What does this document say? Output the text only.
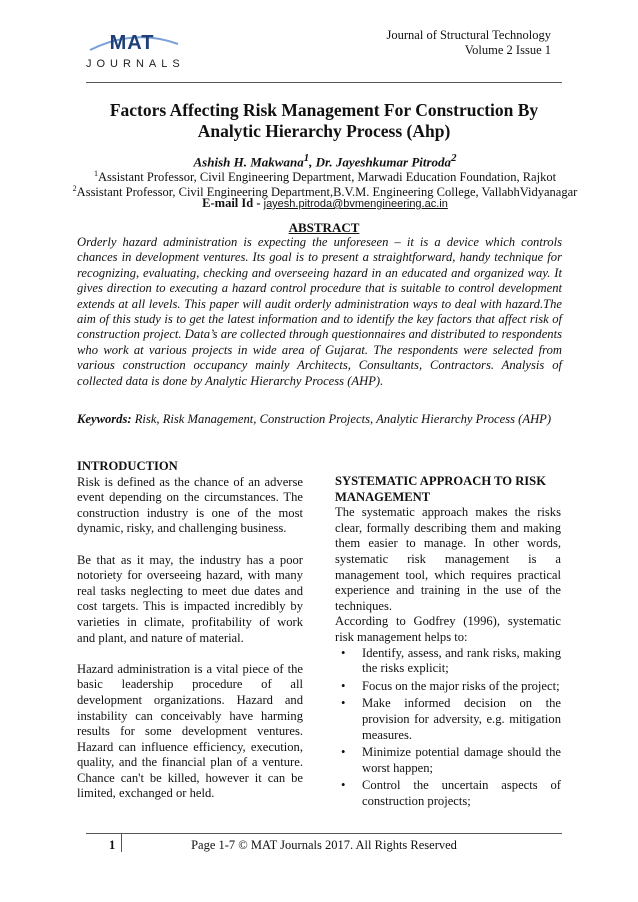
MAT
JOURNALS
Journal of Structural Technology
Volume 2 Issue 1
Factors Affecting Risk Management For Construction By
Analytic Hierarchy Process (Ahp)
Ashish H. Makwana$^1$, Dr. Jayeshkumar Pitroda$^2$
$^1$Assistant Professor, Civil Engineering Department, Marwadi Education Foundation, Rajkot
$^2$Assistant Professor, Civil Engineering Department,B.V.M. Engineering College, VallabhVidyanagar
E-mail Id - jayesh.pitroda@bvmengineering.ac.in
ABSTRACT
Orderly hazard administration is expecting the unforeseen – it is a device which controls chances in development ventures. Its goal is to present a straightforward, handy technique for recognizing, evaluating, checking and overseeing hazard in an educated and organized way. It gives direction to executing a hazard control procedure that is suitable to control development extends at all levels. This paper will audit orderly administration ways to deal with hazard.The aim of this study is to get the latest information and to identify the key factors that affect risk of construction project. Data’s are collected through questionnaires and distributed to respondents who work at various projects in wide area of Gujarat. The respondents were selected from various construction occupancy mainly Architects, Consultants, Contractors. Analysis of collected data is done by Analytic Hierarchy Process (AHP).
Keywords: Risk, Risk Management, Construction Projects, Analytic Hierarchy Process (AHP)
INTRODUCTION

Risk is defined as the chance of an adverse event depending on the circumstances. The construction industry is one of the most dynamic, risky, and challenging business.

Be that as it may, the industry has a poor notoriety for overseeing hazard, with many real tasks neglecting to meet due dates and cost targets. This is impacted incredibly by varieties in climate, profitability of work and plant, and nature of material.

Hazard administration is a vital piece of the basic leadership procedure of all development organizations. Hazard and instability can conceivably have harming results for some development ventures. Hazard can influence efficiency, execution, quality, and the financial plan of a venture. Chance can't be killed, however it can be limited, exchanged or held.

SYSTEMATIC APPROACH TO RISK MANAGEMENT

The systematic approach makes the risks clear, formally describing them and making them easier to manage. In other words, systematic risk management is a management tool, which requires practical experience and training in the use of the techniques.

According to Godfrey (1996), systematic risk management helps to:

• Identify, assess, and rank risks, making the risks explicit;
• Focus on the major risks of the project;
• Make informed decision on the provision for adversity, e.g. mitigation measures.
• Minimize potential damage should the worst happen;
• Control the uncertain aspects of construction projects;
1	Page 1-7 © MAT Journals 2017. All Rights Reserved
